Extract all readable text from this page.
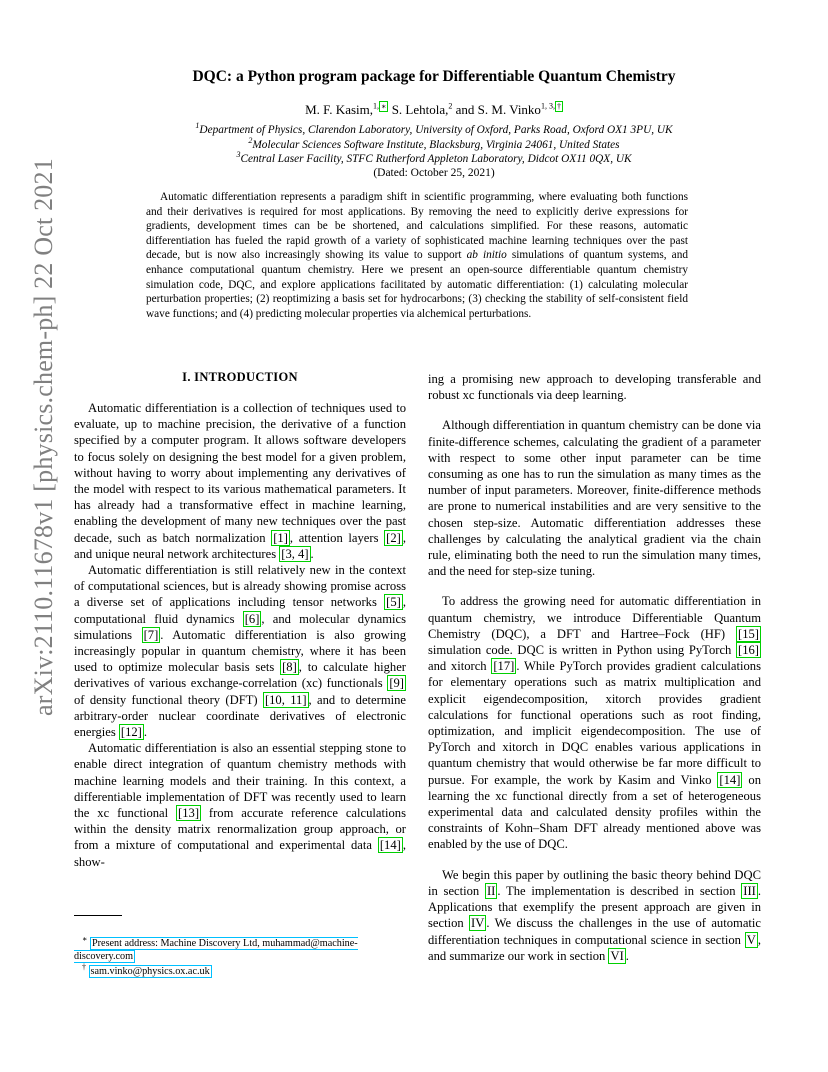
arXiv:2110.11678v1 [physics.chem-ph] 22 Oct 2021
DQC: a Python program package for Differentiable Quantum Chemistry
M. F. Kasim,$^{1,}$ ∗ S. Lehtola,$^2$ and S. M. Vinko$^{1, 3,}$ †
$^1$Department of Physics, Clarendon Laboratory, University of Oxford, Parks Road, Oxford OX1 3PU, UK
$^2$Molecular Sciences Software Institute, Blacksburg, Virginia 24061, United States
$^3$Central Laser Facility, STFC Rutherford Appleton Laboratory, Didcot OX11 0QX, UK
(Dated: October 25, 2021)
Automatic differentiation represents a paradigm shift in scientific programming, where evaluating both functions and their derivatives is required for most applications. By removing the need to explicitly derive expressions for gradients, development times can be be shortened, and calculations simplified. For these reasons, automatic differentiation has fueled the rapid growth of a variety of sophisticated machine learning techniques over the past decade, but is now also increasingly showing its value to support ab initio simulations of quantum systems, and enhance computational quantum chemistry. Here we present an open-source differentiable quantum chemistry simulation code, DQC, and explore applications facilitated by automatic differentiation: (1) calculating molecular perturbation properties; (2) reoptimizing a basis set for hydrocarbons; (3) checking the stability of self-consistent field wave functions; and (4) predicting molecular properties via alchemical perturbations.
I. INTRODUCTION

Automatic differentiation is a collection of techniques used to evaluate, up to machine precision, the derivative of a function specified by a computer program. It allows software developers to focus solely on designing the best model for a given problem, without having to worry about implementing any derivatives of the model with respect to its various mathematical parameters. It has already had a transformative effect in machine learning, enabling the development of many new techniques over the past decade, such as batch normalization [1] , attention layers [2] , and unique neural network architectures [3, 4] .

Automatic differentiation is still relatively new in the context of computational sciences, but is already showing promise across a diverse set of applications including tensor networks [5] , computational fluid dynamics [6] , and molecular dynamics simulations [7] . Automatic differentiation is also growing increasingly popular in quantum chemistry, where it has been used to optimize molecular basis sets [8] , to calculate higher derivatives of various exchange-correlation (xc) functionals [9] of density functional theory (DFT) [10, 11] , and to determine arbitrary-order nuclear coordinate derivatives of electronic energies [12] .

Automatic differentiation is also an essential stepping stone to enable direct integration of quantum chemistry methods with machine learning models and their training. In this context, a differentiable implementation of DFT was recently used to learn the xc functional [13] from accurate reference calculations within the density matrix renormalization group approach, or from a mixture of computational and experimental data [14] , show-

ing a promising new approach to developing transferable and robust xc functionals via deep learning.

Although differentiation in quantum chemistry can be done via finite-difference schemes, calculating the gradient of a parameter with respect to some other input parameter can be time consuming as one has to run the simulation as many times as the number of input parameters. Moreover, finite-difference methods are prone to numerical instabilities and are very sensitive to the chosen step-size. Automatic differentiation addresses these challenges by calculating the analytical gradient via the chain rule, eliminating both the need to run the simulation many times, and the need for step-size tuning.

To address the growing need for automatic differentiation in quantum chemistry, we introduce Differentiable Quantum Chemistry (DQC), a DFT and Hartree–Fock (HF) [15] simulation code. DQC is written in Python using PyTorch [16] and xitorch [17] . While PyTorch provides gradient calculations for elementary operations such as matrix multiplication and explicit eigendecomposition, xitorch provides gradient calculations for functional operations such as root finding, optimization, and implicit eigendecomposition. The use of PyTorch and xitorch in DQC enables various applications in quantum chemistry that would otherwise be far more difficult to pursue. For example, the work by Kasim and Vinko [14] on learning the xc functional directly from a set of heterogeneous experimental data and calculated density profiles within the constraints of Kohn–Sham DFT already mentioned above was enabled by the use of DQC.

We begin this paper by outlining the basic theory behind DQC in section II . The implementation is described in section III . Applications that exemplify the present approach are given in section IV . We discuss the challenges in the use of automatic differentiation techniques in computational science in section V , and summarize our work in section VI .

∗ Present address: Machine Discovery Ltd, muhammad@machine-discovery.com
† sam.vinko@physics.ox.ac.uk
